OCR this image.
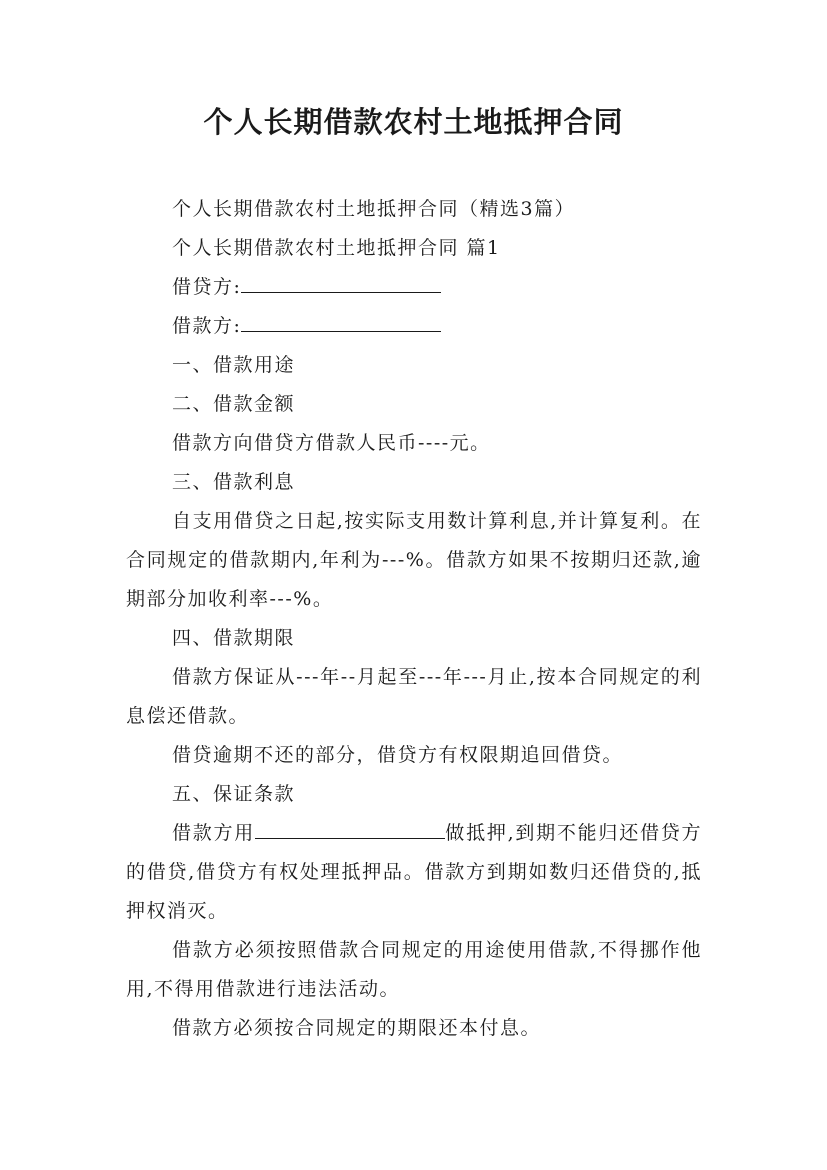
个人长期借款农村土地抵押合同

个人长期借款农村土地抵押合同（精选3篇）

个人长期借款农村土地抵押合同 篇1

借贷方:

借款方:

一、借款用途

二、借款金额

借款方向借贷方借款人民币----元。

三、借款利息

自支用借贷之日起,按实际支用数计算利息,并计算复利。在合同规定的借款期内,年利为---%。借款方如果不按期归还款,逾期部分加收利率---%。

四、借款期限

借款方保证从---年--月起至---年---月止,按本合同规定的利息偿还借款。

借贷逾期不还的部分，借贷方有权限期追回借贷。

五、保证条款

借款方用	做抵押,到期不能归还借贷方的借贷,借贷方有权处理抵押品。借款方到期如数归还借贷的,抵押权消灭。

借款方必须按照借款合同规定的用途使用借款,不得挪作他用,不得用借款进行违法活动。

借款方必须按合同规定的期限还本付息。
